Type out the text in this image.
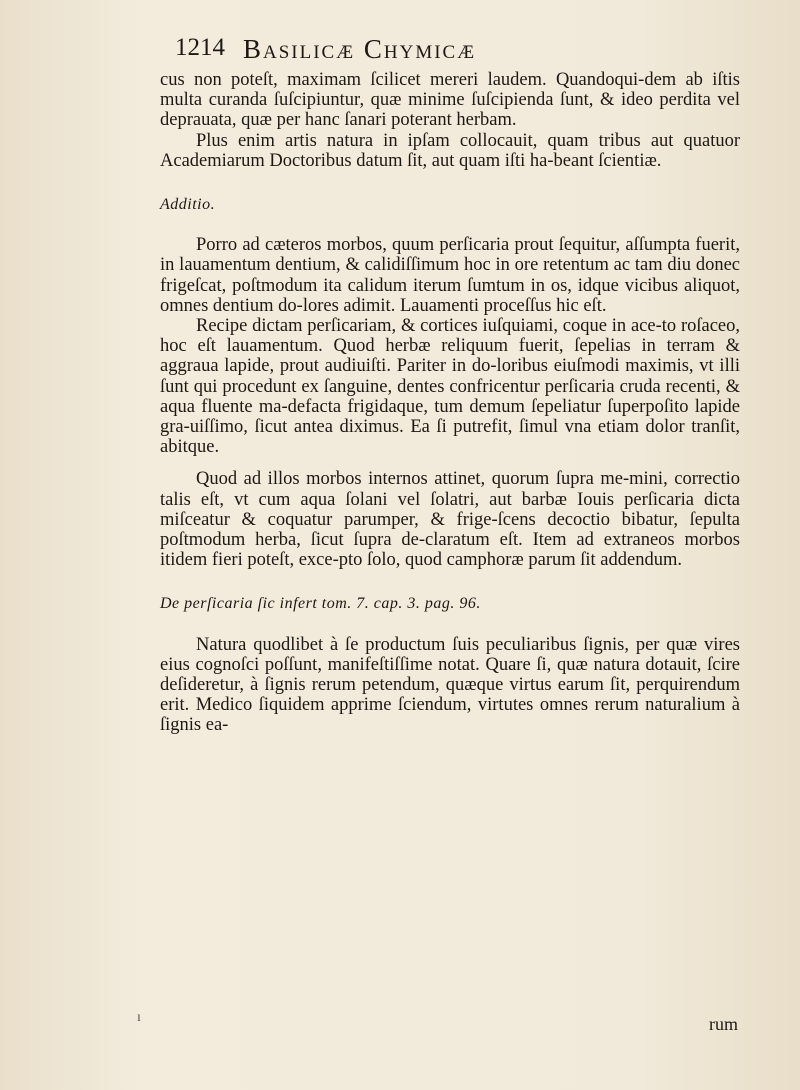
1214 Basilicæ Chymicæ

cus non poteſt, maximam ſcilicet mereri laudem. Quandoqui-dem ab iſtis multa curanda ſuſcipiuntur, quæ minime ſuſcipienda ſunt, & ideo perdita vel deprauata, quæ per hanc ſanari poterant herbam.

Plus enim artis natura in ipſam collocauit, quam tribus aut quatuor Academiarum Doctoribus datum ſit, aut quam iſti ha-beant ſcientiæ.

Additio.

Porro ad cæteros morbos, quum perſicaria prout ſequitur, aſſumpta fuerit, in lauamentum dentium, & calidiſſimum hoc in ore retentum ac tam diu donec frigeſcat, poſtmodum ita calidum iterum ſumtum in os, idque vicibus aliquot, omnes dentium do-lores adimit. Lauamenti proceſſus hic eſt.

Recipe dictam perſicariam, & cortices iuſquiami, coque in ace-to roſaceo, hoc eſt lauamentum. Quod herbæ reliquum fuerit, ſepelias in terram & aggraua lapide, prout audiuiſti. Pariter in do-loribus eiuſmodi maximis, vt illi ſunt qui procedunt ex ſanguine, dentes confricentur perſicaria cruda recenti, & aqua fluente ma-defacta frigidaque, tum demum ſepeliatur ſuperpoſito lapide gra-uiſſimo, ſicut antea diximus. Ea ſi putrefit, ſimul vna etiam dolor tranſit, abitque.

Quod ad illos morbos internos attinet, quorum ſupra me-mini, correctio talis eſt, vt cum aqua ſolani vel ſolatri, aut barbæ Iouis perſicaria dicta miſceatur & coquatur parumper, & frige-ſcens decoctio bibatur, ſepulta poſtmodum herba, ſicut ſupra de-claratum eſt. Item ad extraneos morbos itidem fieri poteſt, exce-pto ſolo, quod camphoræ parum ſit addendum.

De perſicaria ſic infert tom. 7. cap. 3. pag. 96.

Natura quodlibet à ſe productum ſuis peculiaribus ſignis, per quæ vires eius cognoſci poſſunt, manifeſtiſſime notat. Quare ſi, quæ natura dotauit, ſcire deſideretur, à ſignis rerum petendum, quæque virtus earum ſit, perquirendum erit. Medico ſiquidem apprime ſciendum, virtutes omnes rerum naturalium à ſignis ea-

ı	rum
